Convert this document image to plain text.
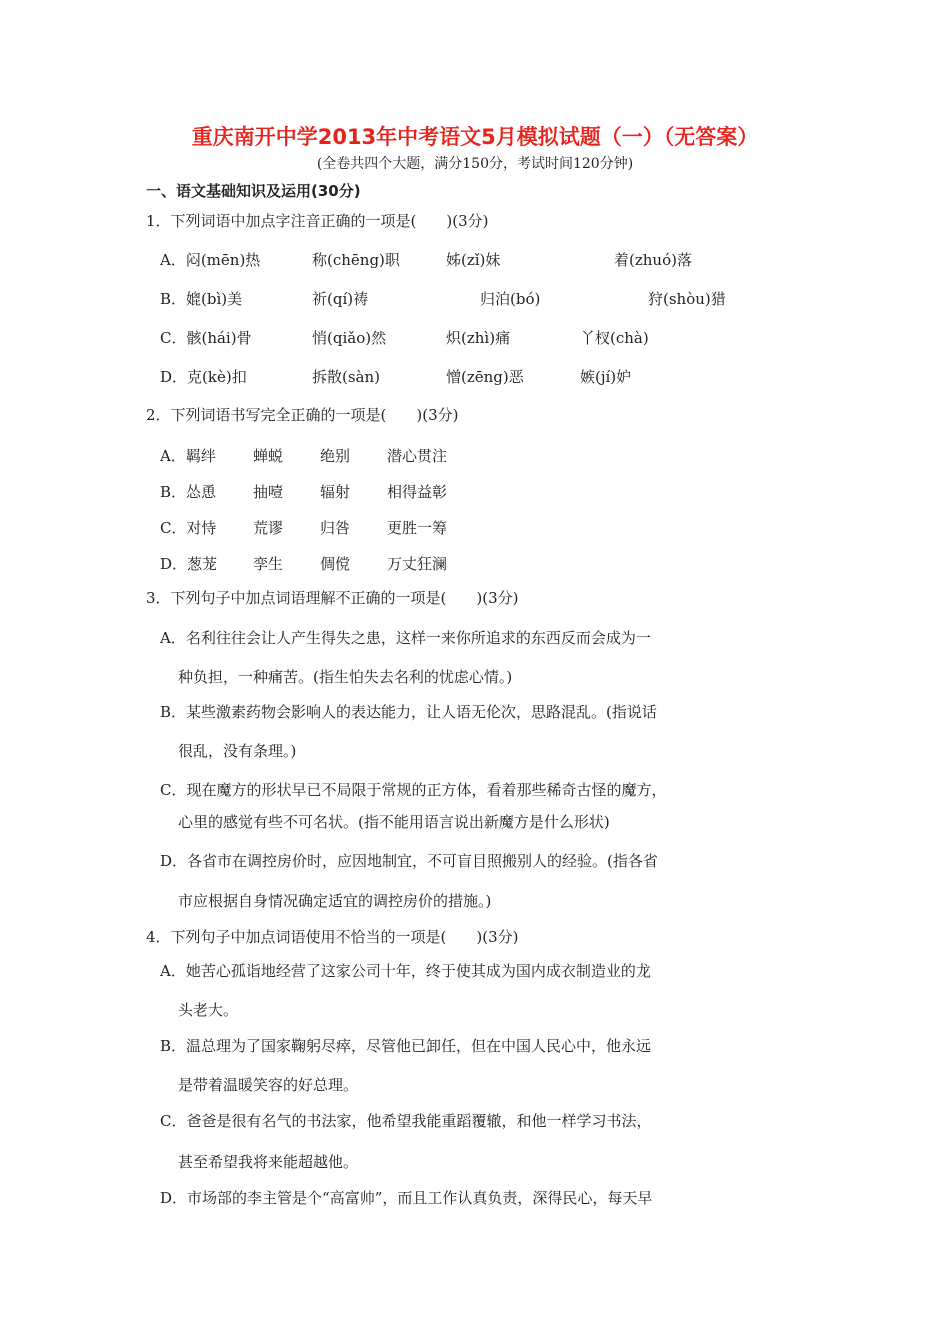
重庆南开中学2013年中考语文5月模拟试题（一）（无答案）
(全卷共四个大题，满分150分，考试时间120分钟)
一、语文基础知识及运用(30分)
1．下列词语中加点字注音正确的一项是(　　)(3分)
A．闷(mēn)热	称(chēng)职	姊(zǐ)妹	着(zhuó)落
B．媲(bì)美	祈(qí)祷	归泊(bó)	狩(shòu)猎
C．骸(hái)骨	悄(qiǎo)然	炽(zhì)痛	丫杈(chà)
D．克(kè)扣	拆散(sàn)	憎(zēng)恶	嫉(jí)妒
2．下列词语书写完全正确的一项是(　　)(3分)
A．羁绊 蝉蜕 绝别 潜心贯注
B．怂恿 抽噎 辐射 相得益彰
C．对恃 荒谬 归咎 更胜一筹
D．葱茏 孪生 倜傥 万丈狂澜
3．下列句子中加点词语理解不正确的一项是(　　)(3分)
A．名利往往会让人产生得失之患，这样一来你所追求的东西反而会成为一
种负担，一种痛苦。(指生怕失去名利的忧虑心情。)
B．某些激素药物会影响人的表达能力，让人语无伦次，思路混乱。(指说话
很乱，没有条理。)
C．现在魔方的形状早已不局限于常规的正方体，看着那些稀奇古怪的魔方，
心里的感觉有些不可名状。(指不能用语言说出新魔方是什么形状)
D．各省市在调控房价时，应因地制宜，不可盲目照搬别人的经验。(指各省
市应根据自身情况确定适宜的调控房价的措施。)
4．下列句子中加点词语使用不恰当的一项是(　　)(3分)
A．她苦心孤诣地经营了这家公司十年，终于使其成为国内成衣制造业的龙
头老大。
B．温总理为了国家鞠躬尽瘁，尽管他已卸任，但在中国人民心中，他永远
是带着温暖笑容的好总理。
C．爸爸是很有名气的书法家，他希望我能重蹈覆辙，和他一样学习书法，
甚至希望我将来能超越他。
D．市场部的李主管是个“高富帅”，而且工作认真负责，深得民心，每天早
